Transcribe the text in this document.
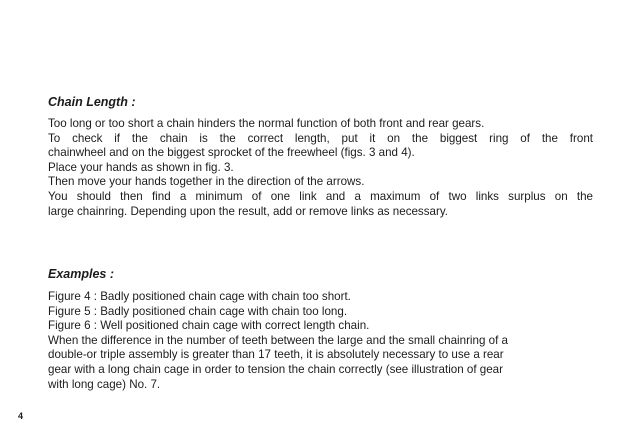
Chain Length :
Too long or too short a chain hinders the normal function of both front and rear gears.
To check if the chain is the correct length, put it on the biggest ring of the front
chainwheel and on the biggest sprocket of the freewheel (figs. 3 and 4).
Place your hands as shown in fig. 3.
Then move your hands together in the direction of the arrows.
You should then find a minimum of one link and a maximum of two links surplus on the
large chainring. Depending upon the result, add or remove links as necessary.
Examples :
Figure 4 : Badly positioned chain cage with chain too short.
Figure 5 : Badly positioned chain cage with chain too long.
Figure 6 : Well positioned chain cage with correct length chain.
When the difference in the number of teeth between the large and the small chainring of a
double-or triple assembly is greater than 17 teeth, it is absolutely necessary to use a rear
gear with a long chain cage in order to tension the chain correctly (see illustration of gear
with long cage) No. 7.
4
